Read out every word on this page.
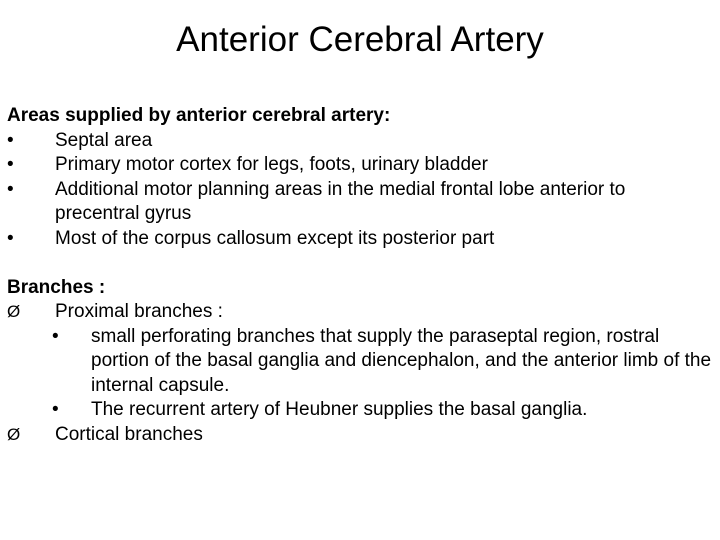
Anterior Cerebral Artery
Areas supplied by anterior cerebral artery:
•	Septal area
•	Primary motor cortex for legs, foots, urinary bladder
•	Additional motor planning areas in the medial frontal lobe anterior to precentral gyrus
•	Most of the corpus callosum except its posterior part
Branches :
Ø	Proximal branches :
•	small perforating branches that supply the paraseptal region, rostral portion of the basal ganglia and diencephalon, and the anterior limb of the internal capsule.
•	The recurrent artery of Heubner supplies the basal ganglia.
Ø	Cortical branches
